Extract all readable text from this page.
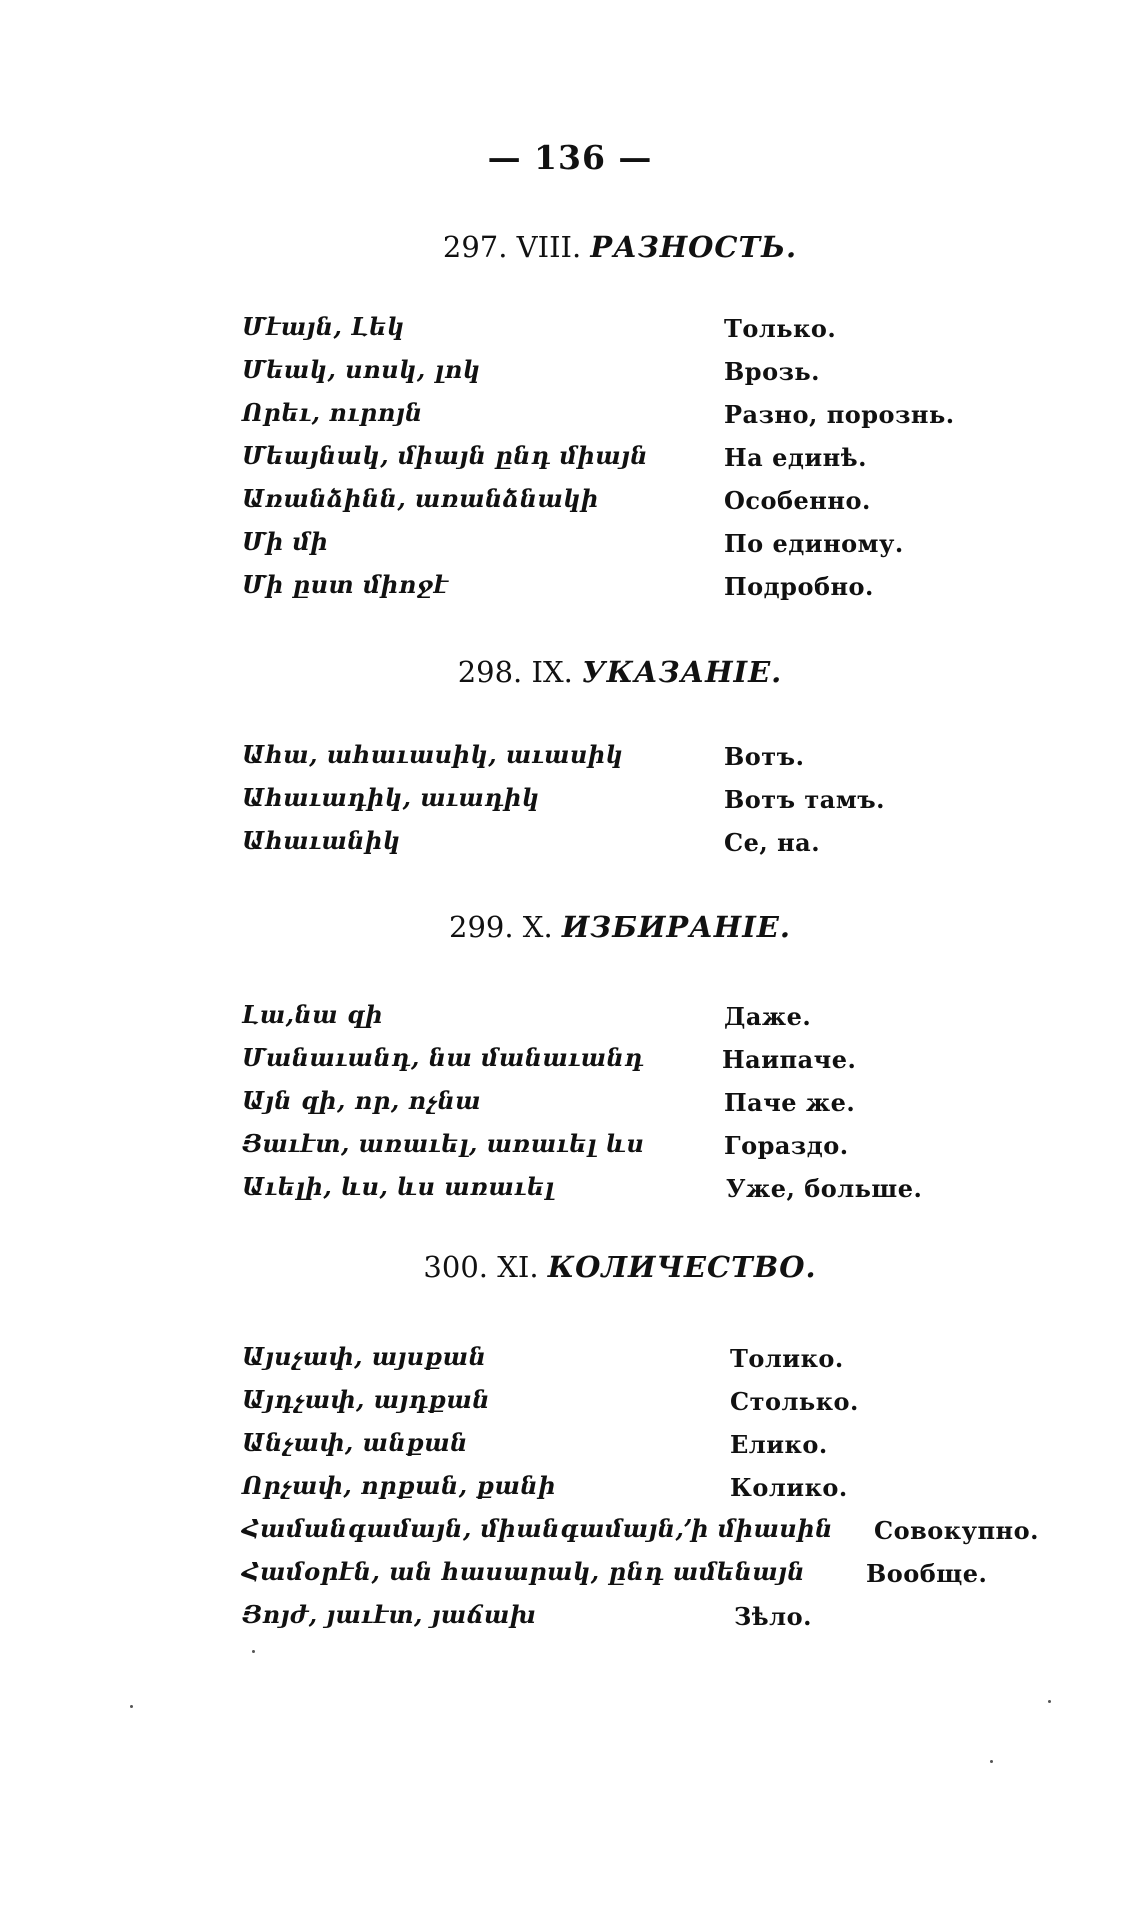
— 136 —
297. VIII. РАЗНОСТЬ.
Մէայն, Լեկ	Только.
Մեակ, սոսկ, լոկ	Врозь.
Որեւ, ուրոյն	Разно, порознь.
Մեայնակ, միայն ընդ միայն	На единѣ.
Առանձինն, առանձնակի	Особенно.
Մի մի	По единому.
Մի ըստ միոջէ	Подробно.
298. IX. УКАЗАНІЕ.
Ահա, ահաւասիկ, աւասիկ	Вотъ.
Ահաւադիկ, աւադիկ	Вотъ тамъ.
Ահաւանիկ	Се, на.
299. X. ИЗБИРАНІЕ.
Լա,նա զի	Даже.
Մանաւանդ, նա մանաւանդ	Наипаче.
Այն զի, որ, ոչնա	Паче же.
Յաւէտ, առաւել, առաւել ևս	Гораздо.
Աւելի, ևս, ևս առաւել	Уже, больше.
300. XI. КОЛИЧЕСТВО.
Այսչափ, այսքան	Толико.
Այդչափ, այդքան	Столько.
Անչափ, անքան	Елико.
Որչափ, որքան, քանի	Колико.
Համանգամայն, միանգամայն,՚ի միասին Совокупно.
Համօրէն, ան հասարակ, ընդ ամենայն	Вообще.
Յոյժ, յաւէտ, յաճախ	Зѣло.
